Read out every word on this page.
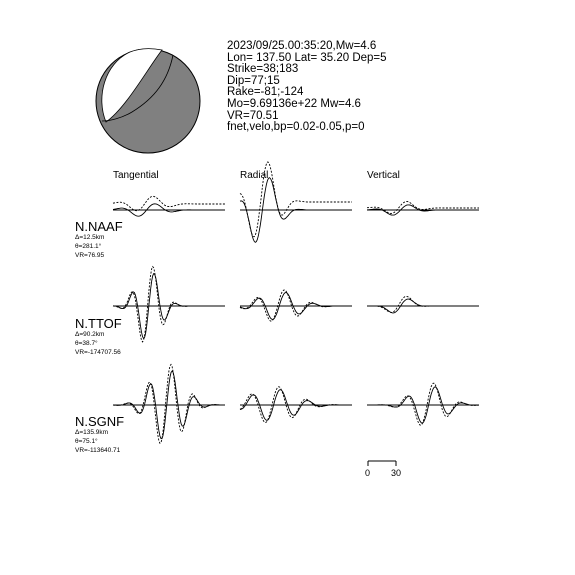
2023/09/25.00:35:20,Mw=4.6
Lon= 137.50 Lat= 35.20 Dep=5
Strike=38;183
Dip=77;15
Rake=-81;-124
Mo=9.69136e+22 Mw=4.6
VR=70.51
fnet,velo,bp=0.02-0.05,p=0
Tangential	Radial	Vertical
N.NAAF
Δ=12.5km
θ=281.1°
VR=76.95
N.TTOF
Δ=90.2km
θ=38.7°
VR=-174707.56
N.SGNF
Δ=135.9km
θ=75.1°
VR=-113640.71
0 30
